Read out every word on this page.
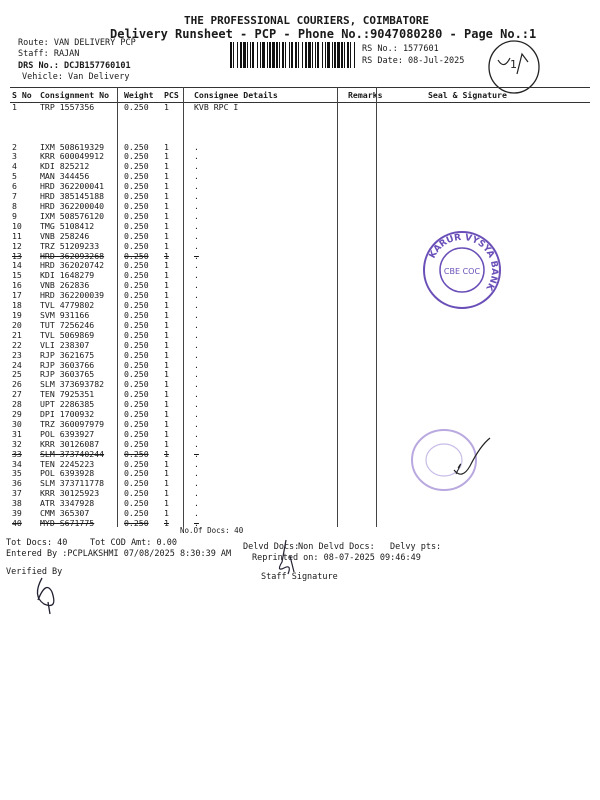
THE PROFESSIONAL COURIERS, COIMBATORE
Delivery Runsheet - PCP - Phone No.:9047080280 - Page No.:1
Route: VAN DELIVERY PCP
Staff: RAJAN
DRS No.: DCJB157760101
Vehicle: Van Delivery
RS No.: 1577601
RS Date: 08-Jul-2025	1
S No	Consignment No	Weight	PCS	Consignee Details	Remarks	Seal & Signature
1	TRP 1557356	0.250	1	KVB RPC I		

2	IXM 508619329	0.250	1	.		
3	KRR 600049912	0.250	1	.		
4	KDI 825212	0.250	1	.		
5	MAN 344456	0.250	1	.		
6	HRD 362200041	0.250	1	.		
7	HRD 385145188	0.250	1	.		
8	HRD 362200040	0.250	1	.		
9	IXM 508576120	0.250	1	.		
10	TMG 5108412	0.250	1	.		
11	VNB 258246	0.250	1	.		
12	TRZ 51209233	0.250	1	.		
13	HRD 362093268	0.250	1	.		
14	HRD 362020742	0.250	1	.		
15	KDI 1648279	0.250	1	.		
16	VNB 262836	0.250	1	.		
17	HRD 362200039	0.250	1	.		
18	TVL 4779802	0.250	1	.		
19	SVM 931166	0.250	1	.		
20	TUT 7256246	0.250	1	.		
21	TVL 5069869	0.250	1	.		
22	VLI 238307	0.250	1	.		
23	RJP 3621675	0.250	1	.		
24	RJP 3603766	0.250	1	.		
25	RJP 3603765	0.250	1	.		
26	SLM 373693782	0.250	1	.		
27	TEN 7925351	0.250	1	.		
28	UPT 2286385	0.250	1	.		
29	DPI 1700932	0.250	1	.		
30	TRZ 360097979	0.250	1	.		
31	POL 6393927	0.250	1	.		
32	KRR 30126087	0.250	1	.		
33	SLM 373740244	0.250	1	.		
34	TEN 2245223	0.250	1	.		
35	POL 6393928	0.250	1	.		
36	SLM 373711778	0.250	1	.		
37	KRR 30125923	0.250	1	.		
38	ATR 3347928	0.250	1	.		
39	CMM 365307	0.250	1	.		
40	MYD S671775	0.250	1	.		
No.Of Docs: 40
KARUR VYSYA BANK
CBE COC
Tot Docs: 40	Tot COD Amt: 0.00	Delvd Docs:
Non Delvd Docs: Delvy pts:
Entered By :PCPLAKSHMI 07/08/2025 8:30:39 AM Reprinted on: 08-07-2025 09:46:49
Verified By	Staff Signature
